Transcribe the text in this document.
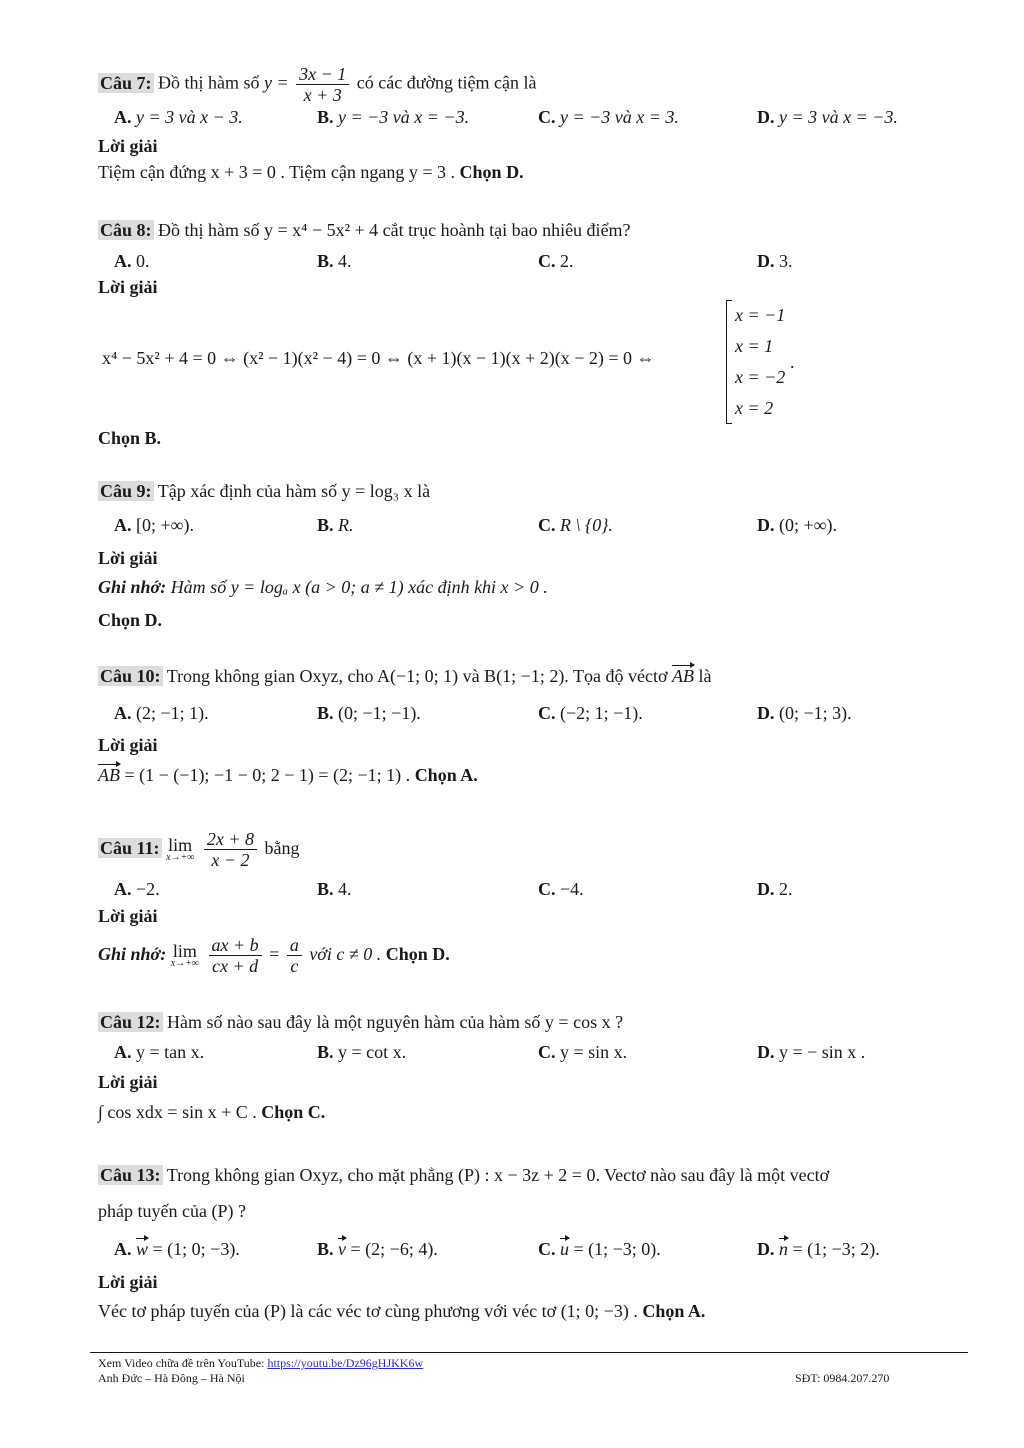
Câu 7: Đồ thị hàm số $y = \frac{3x - 1}{x + 3}$ có các đường tiệm cận là
A. y = 3 và x − 3.	B. y = −3 và x = −3.	C. y = −3 và x = 3.	D. y = 3 và x = −3.
Lời giải
Tiệm cận đứng x + 3 = 0 . Tiệm cận ngang y = 3 . Chọn D.
Câu 8: Đồ thị hàm số y = x⁴ − 5x² + 4 cắt trục hoành tại bao nhiêu điểm?
A. 0.	B. 4.	C. 2.	D. 3.
Lời giải
x⁴ − 5x² + 4 = 0 ⇔ (x² − 1)(x² − 4) = 0 ⇔ (x + 1)(x − 1)(x + 2)(x − 2) = 0 ⇔
x = −1
x = 1
x = −2
x = 2
.
Chọn B.
Câu 9: Tập xác định của hàm số y = log₃ x là
A. [0; +∞).	B. R.	C. R \ {0}.	D. (0; +∞).
Lời giải
Ghi nhớ: Hàm số y = logₐ x (a > 0; a ≠ 1) xác định khi x > 0 .
Chọn D.
Câu 10: Trong không gian Oxyz, cho A(−1; 0; 1) và B(1; −1; 2). Tọa độ véctơ AB là
A. (2; −1; 1).	B. (0; −1; −1).	C. (−2; 1; −1).	D. (0; −1; 3).
Lời giải
AB = (1 − (−1); −1 − 0; 2 − 1) = (2; −1; 1) . Chọn A.
Câu 11: lim
x→+∞
$\frac{2x + 8}{x - 2}$ bằng
A. −2.	B. 4.	C. −4.	D. 2.
Lời giải
Ghi nhớ: lim
x→+∞
$\frac{ax + b}{cx + d} = \frac{a}{c}$ với c ≠ 0 . Chọn D.
Câu 12: Hàm số nào sau đây là một nguyên hàm của hàm số y = cos x ?
A. y = tan x.	B. y = cot x.	C. y = sin x.	D. y = − sin x .
Lời giải
∫ cos xdx = sin x + C . Chọn C.
Câu 13: Trong không gian Oxyz, cho mặt phẳng (P) : x − 3z + 2 = 0. Vectơ nào sau đây là một vectơ
pháp tuyến của (P) ?
A. w = (1; 0; −3).	B. v = (2; −6; 4).	C. u = (1; −3; 0).	D. n = (1; −3; 2).
Lời giải
Véc tơ pháp tuyến của (P) là các véc tơ cùng phương với véc tơ (1; 0; −3) . Chọn A.
Xem Video chữa đề trên YouTube: https://youtu.be/Dz96gHJKK6w
Anh Đức – Hà Đông – Hà Nội	SĐT: 0984.207.270
